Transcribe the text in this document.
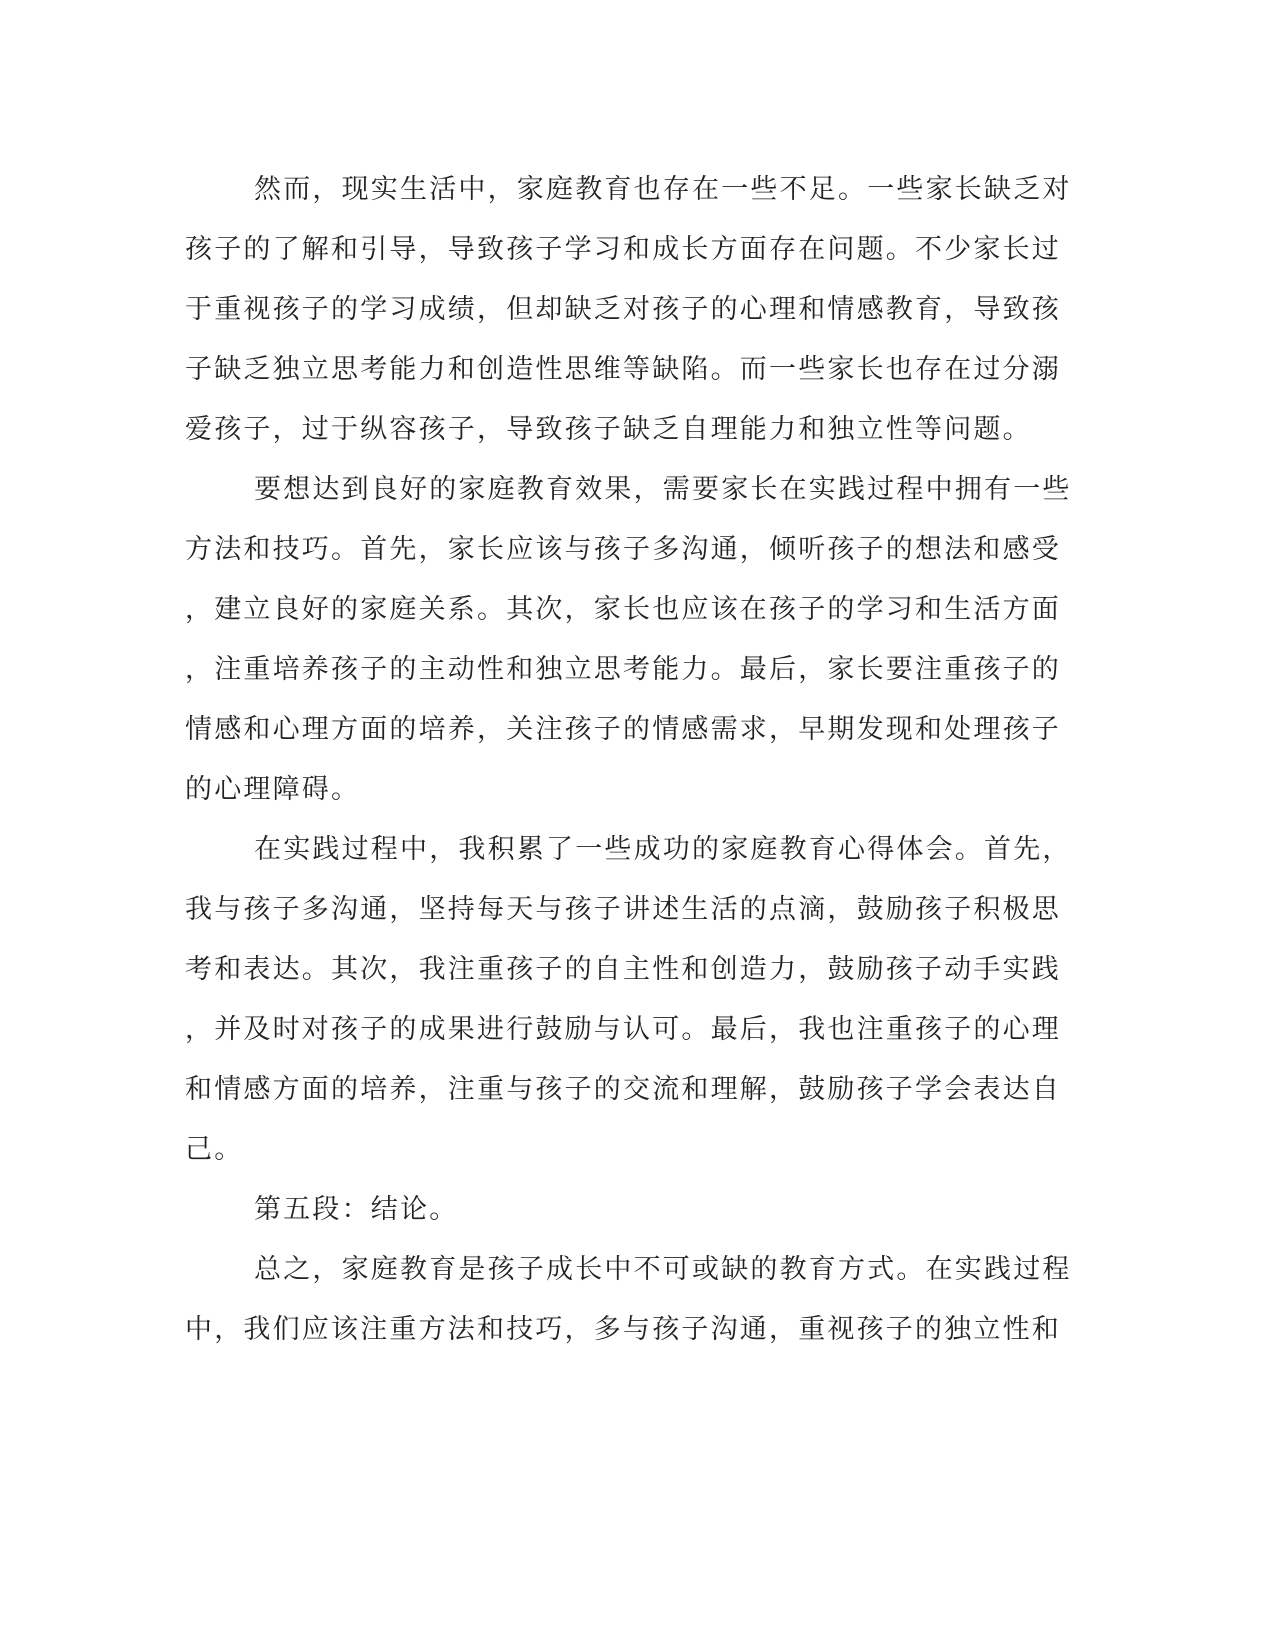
然而，现实生活中，家庭教育也存在一些不足。一些家长缺乏对
孩子的了解和引导，导致孩子学习和成长方面存在问题。不少家长过
于重视孩子的学习成绩，但却缺乏对孩子的心理和情感教育，导致孩
子缺乏独立思考能力和创造性思维等缺陷。而一些家长也存在过分溺
爱孩子，过于纵容孩子，导致孩子缺乏自理能力和独立性等问题。
要想达到良好的家庭教育效果，需要家长在实践过程中拥有一些
方法和技巧。首先，家长应该与孩子多沟通，倾听孩子的想法和感受
，建立良好的家庭关系。其次，家长也应该在孩子的学习和生活方面
，注重培养孩子的主动性和独立思考能力。最后，家长要注重孩子的
情感和心理方面的培养，关注孩子的情感需求，早期发现和处理孩子
的心理障碍。
在实践过程中，我积累了一些成功的家庭教育心得体会。首先，
我与孩子多沟通，坚持每天与孩子讲述生活的点滴，鼓励孩子积极思
考和表达。其次，我注重孩子的自主性和创造力，鼓励孩子动手实践
，并及时对孩子的成果进行鼓励与认可。最后，我也注重孩子的心理
和情感方面的培养，注重与孩子的交流和理解，鼓励孩子学会表达自
己。
第五段：结论。
总之，家庭教育是孩子成长中不可或缺的教育方式。在实践过程
中，我们应该注重方法和技巧，多与孩子沟通，重视孩子的独立性和
